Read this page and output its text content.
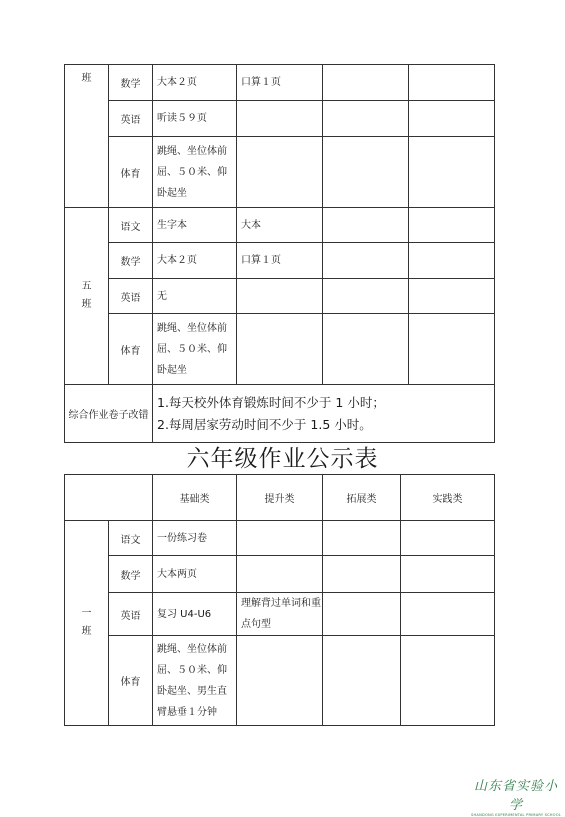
班	数学	大本２页	口算１页		
	英语	听读５９页			
	体育	跳绳、坐位体前屈、５０米、仰卧起坐			
五
班	语文	生字本	大本		
	数学	大本２页	口算１页		
	英语	无			
	体育	跳绳、坐位体前屈、５０米、仰卧起坐			
综合作业卷子改错		1.每天校外体育锻炼时间不少于 1 小时；
2.每周居家劳动时间不少于 1.5 小时。			
六年级作业公示表
		基础类	提升类	拓展类	实践类
一
班	语文	一份练习卷			
	数学	大本两页			
	英语	复习 U4-U6	理解背过单词和重点句型		
	体育	跳绳、坐位体前屈、５０米、仰卧起坐、男生直臂悬垂１分钟			
山东省实验小学
SHANDONG EXPERIMENTAL PRIMARY SCHOOL
